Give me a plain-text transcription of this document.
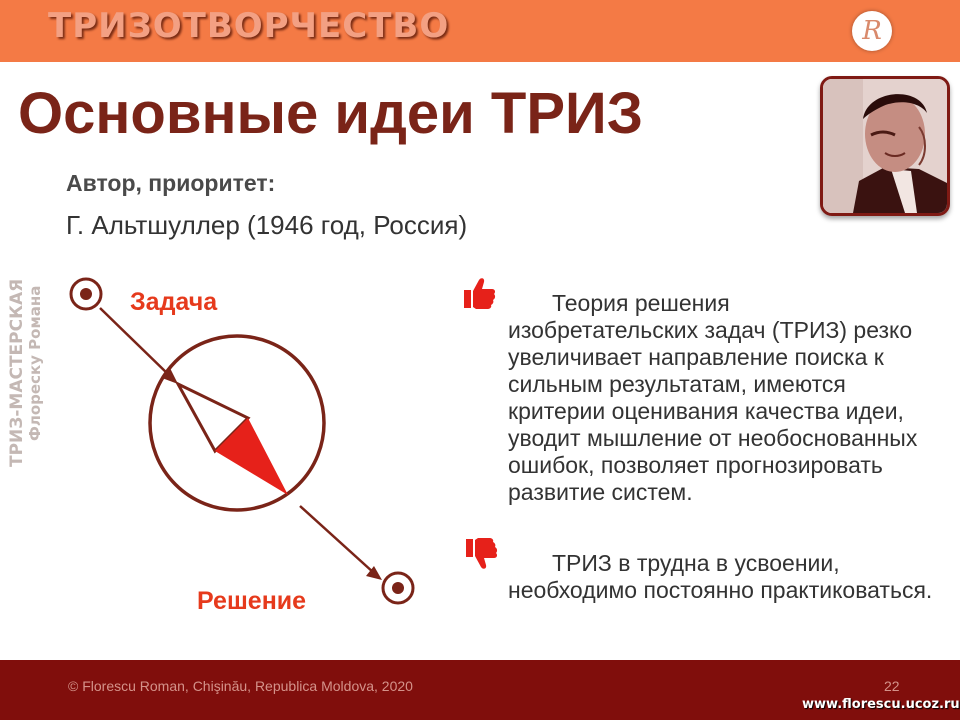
ТРИЗОТВОРЧЕСТВО	R
Основные идеи ТРИЗ
ТРИЗ-МАСТЕРСКАЯ Флореску Романа
Автор, приоритет:
Г. Альтшуллер (1946 год, Россия)
Задача
Решение

Теория решения
изобретательских задач (ТРИЗ) резко увеличивает направление поиска к сильным результатам, имеются критерии оценивания качества идеи, уводит мышление от необоснованных ошибок, позволяет прогнозировать развитие систем.

ТРИЗ в трудна в усвоении,
необходимо постоянно практиковаться.

© Florescu Roman, Chişinău, Republica Moldova, 2020	22
www.florescu.ucoz.ru
